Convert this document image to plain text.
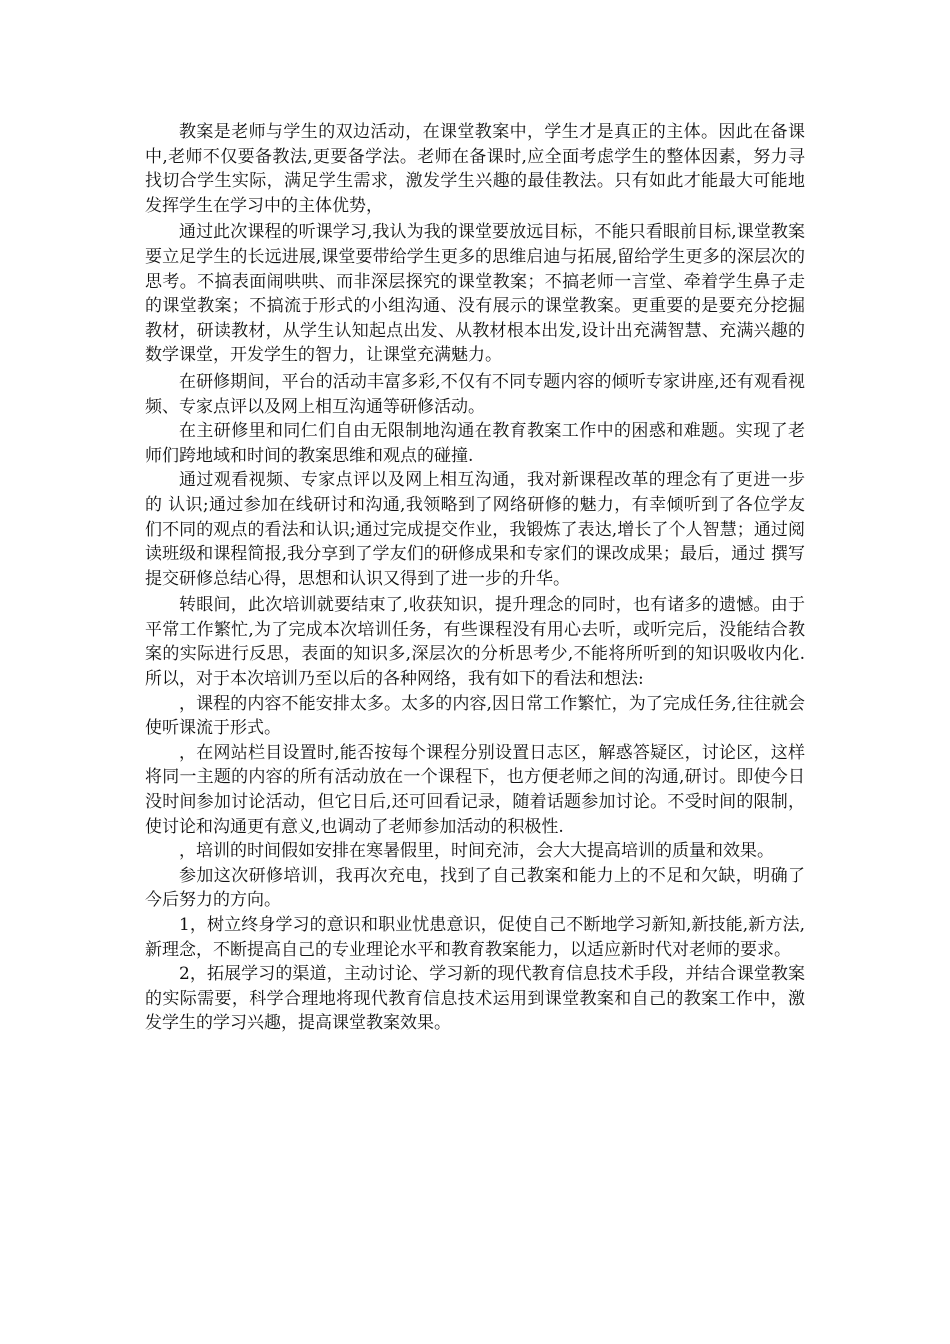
教案是老师与学生的双边活动，在课堂教案中，学生才是真正的主体。因此在备课中,老师不仅要备教法,更要备学法。老师在备课时,应全面考虑学生的整体因素，努力寻找切合学生实际，满足学生需求，激发学生兴趣的最佳教法。只有如此才能最大可能地发挥学生在学习中的主体优势，

通过此次课程的听课学习,我认为我的课堂要放远目标，不能只看眼前目标,课堂教案要立足学生的长远进展,课堂要带给学生更多的思维启迪与拓展,留给学生更多的深层次的思考。不搞表面闹哄哄、而非深层探究的课堂教案；不搞老师一言堂、牵着学生鼻子走的课堂教案；不搞流于形式的小组沟通、没有展示的课堂教案。更重要的是要充分挖掘教材，研读教材，从学生认知起点出发、从教材根本出发,设计出充满智慧、充满兴趣的数学课堂，开发学生的智力，让课堂充满魅力。

在研修期间，平台的活动丰富多彩,不仅有不同专题内容的倾听专家讲座,还有观看视频、专家点评以及网上相互沟通等研修活动。

在主研修里和同仁们自由无限制地沟通在教育教案工作中的困惑和难题。实现了老师们跨地域和时间的教案思维和观点的碰撞.

通过观看视频、专家点评以及网上相互沟通，我对新课程改革的理念有了更进一步的 认识;通过参加在线研讨和沟通,我领略到了网络研修的魅力，有幸倾听到了各位学友们不同的观点的看法和认识;通过完成提交作业，我锻炼了表达,增长了个人智慧；通过阅读班级和课程简报,我分享到了学友们的研修成果和专家们的课改成果；最后，通过 撰写提交研修总结心得，思想和认识又得到了进一步的升华。

转眼间，此次培训就要结束了,收获知识，提升理念的同时，也有诸多的遗憾。由于平常工作繁忙,为了完成本次培训任务，有些课程没有用心去听，或听完后，没能结合教案的实际进行反思，表面的知识多,深层次的分析思考少,不能将所听到的知识吸收内化.所以，对于本次培训乃至以后的各种网络，我有如下的看法和想法:

，课程的内容不能安排太多。太多的内容,因日常工作繁忙，为了完成任务,往往就会使听课流于形式。

，在网站栏目设置时,能否按每个课程分别设置日志区，解惑答疑区，讨论区，这样将同一主题的内容的所有活动放在一个课程下，也方便老师之间的沟通,研讨。即使今日没时间参加讨论活动，但它日后,还可回看记录，随着话题参加讨论。不受时间的限制，使讨论和沟通更有意义,也调动了老师参加活动的积极性.

，培训的时间假如安排在寒暑假里，时间充沛，会大大提高培训的质量和效果。

参加这次研修培训，我再次充电，找到了自己教案和能力上的不足和欠缺，明确了今后努力的方向。

1，树立终身学习的意识和职业忧患意识，促使自己不断地学习新知,新技能,新方法,新理念，不断提高自己的专业理论水平和教育教案能力，以适应新时代对老师的要求。

2，拓展学习的渠道，主动讨论、学习新的现代教育信息技术手段，并结合课堂教案的实际需要，科学合理地将现代教育信息技术运用到课堂教案和自己的教案工作中，激发学生的学习兴趣，提高课堂教案效果。
